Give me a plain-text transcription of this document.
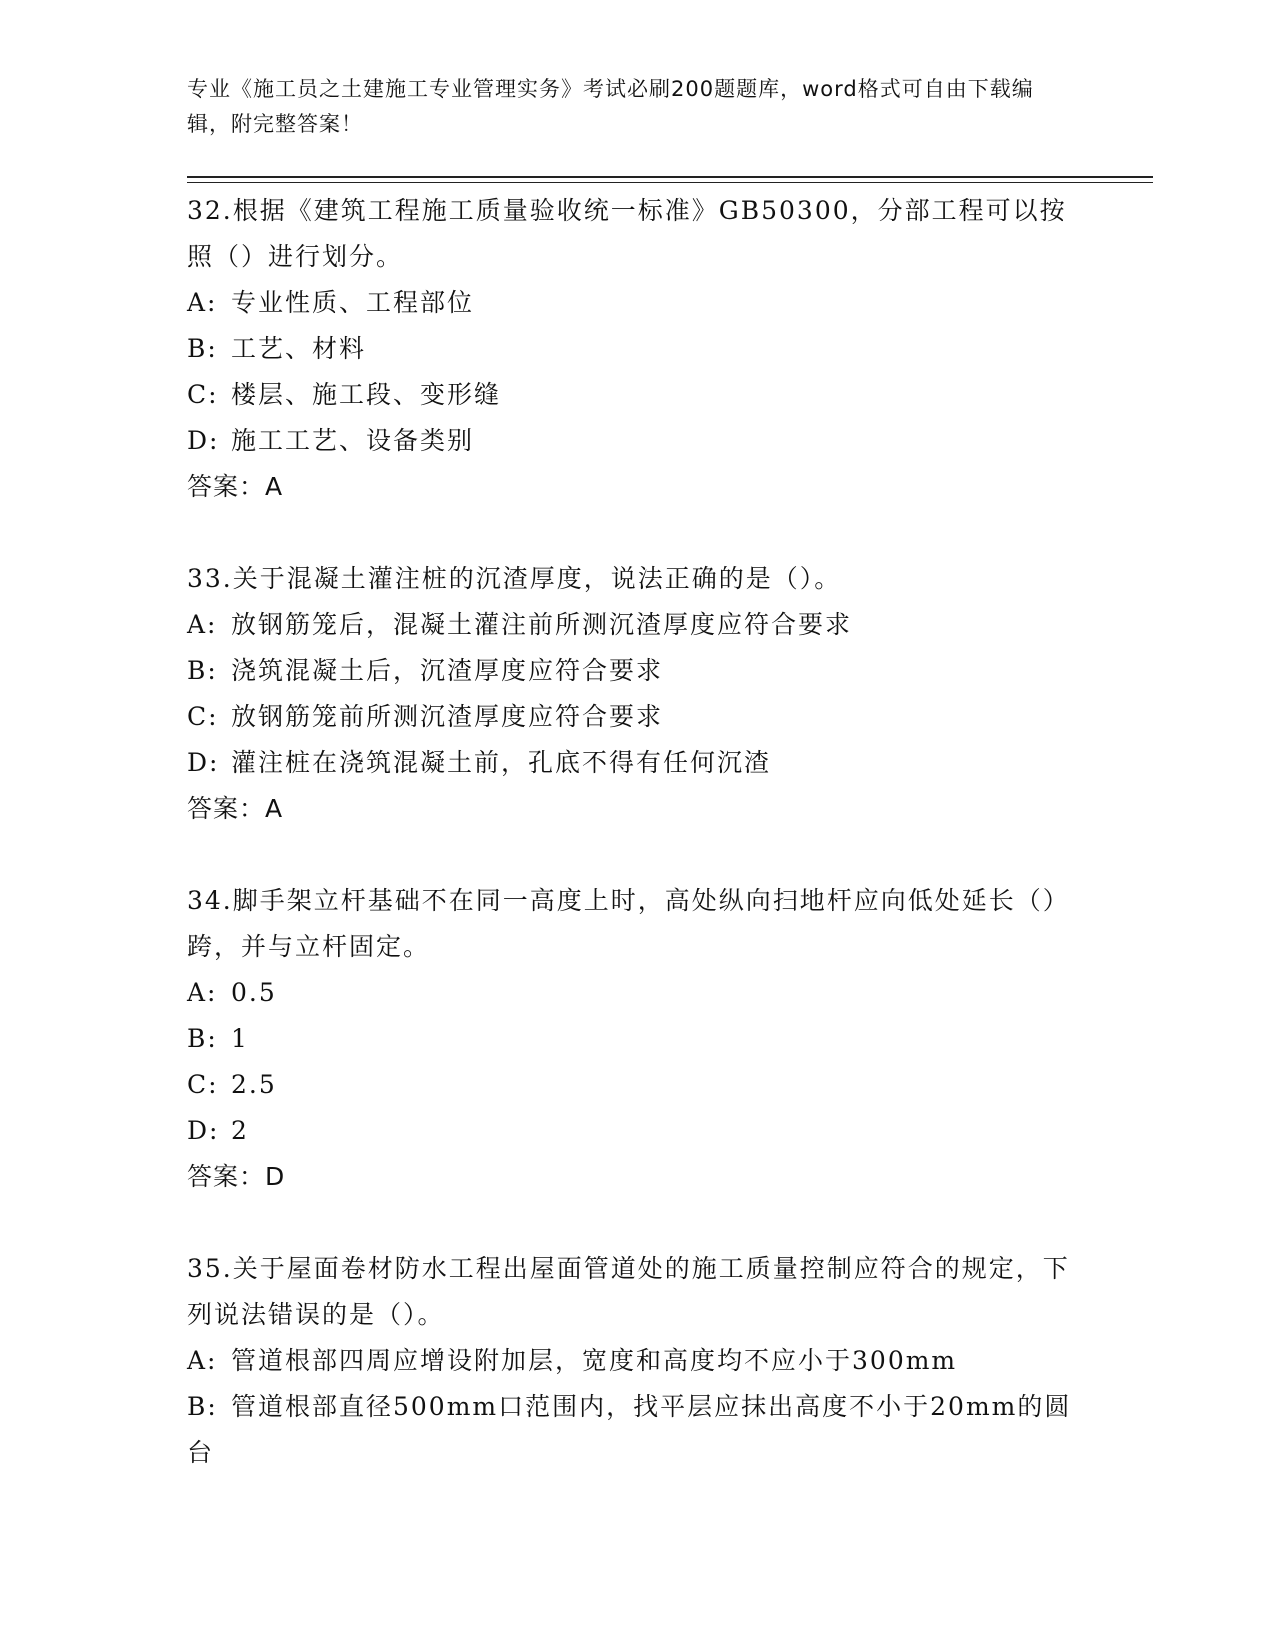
专业《施工员之土建施工专业管理实务》考试必刷200题题库，word格式可自由下载编辑，附完整答案！

32.根据《建筑工程施工质量验收统一标准》GB50300，分部工程可以按照（）进行划分。

A: 专业性质、工程部位

B: 工艺、材料

C: 楼层、施工段、变形缝

D: 施工工艺、设备类别

答案：A

33.关于混凝土灌注桩的沉渣厚度，说法正确的是（）。

A: 放钢筋笼后，混凝土灌注前所测沉渣厚度应符合要求

B: 浇筑混凝土后，沉渣厚度应符合要求

C: 放钢筋笼前所测沉渣厚度应符合要求

D: 灌注桩在浇筑混凝土前，孔底不得有任何沉渣

答案：A

34.脚手架立杆基础不在同一高度上时，高处纵向扫地杆应向低处延长（）跨，并与立杆固定。

A: 0.5

B: 1

C: 2.5

D: 2

答案：D

35.关于屋面卷材防水工程出屋面管道处的施工质量控制应符合的规定，下列说法错误的是（）。

A: 管道根部四周应增设附加层，宽度和高度均不应小于300mm

B: 管道根部直径500mm口范围内，找平层应抹出高度不小于20mm的圆台
